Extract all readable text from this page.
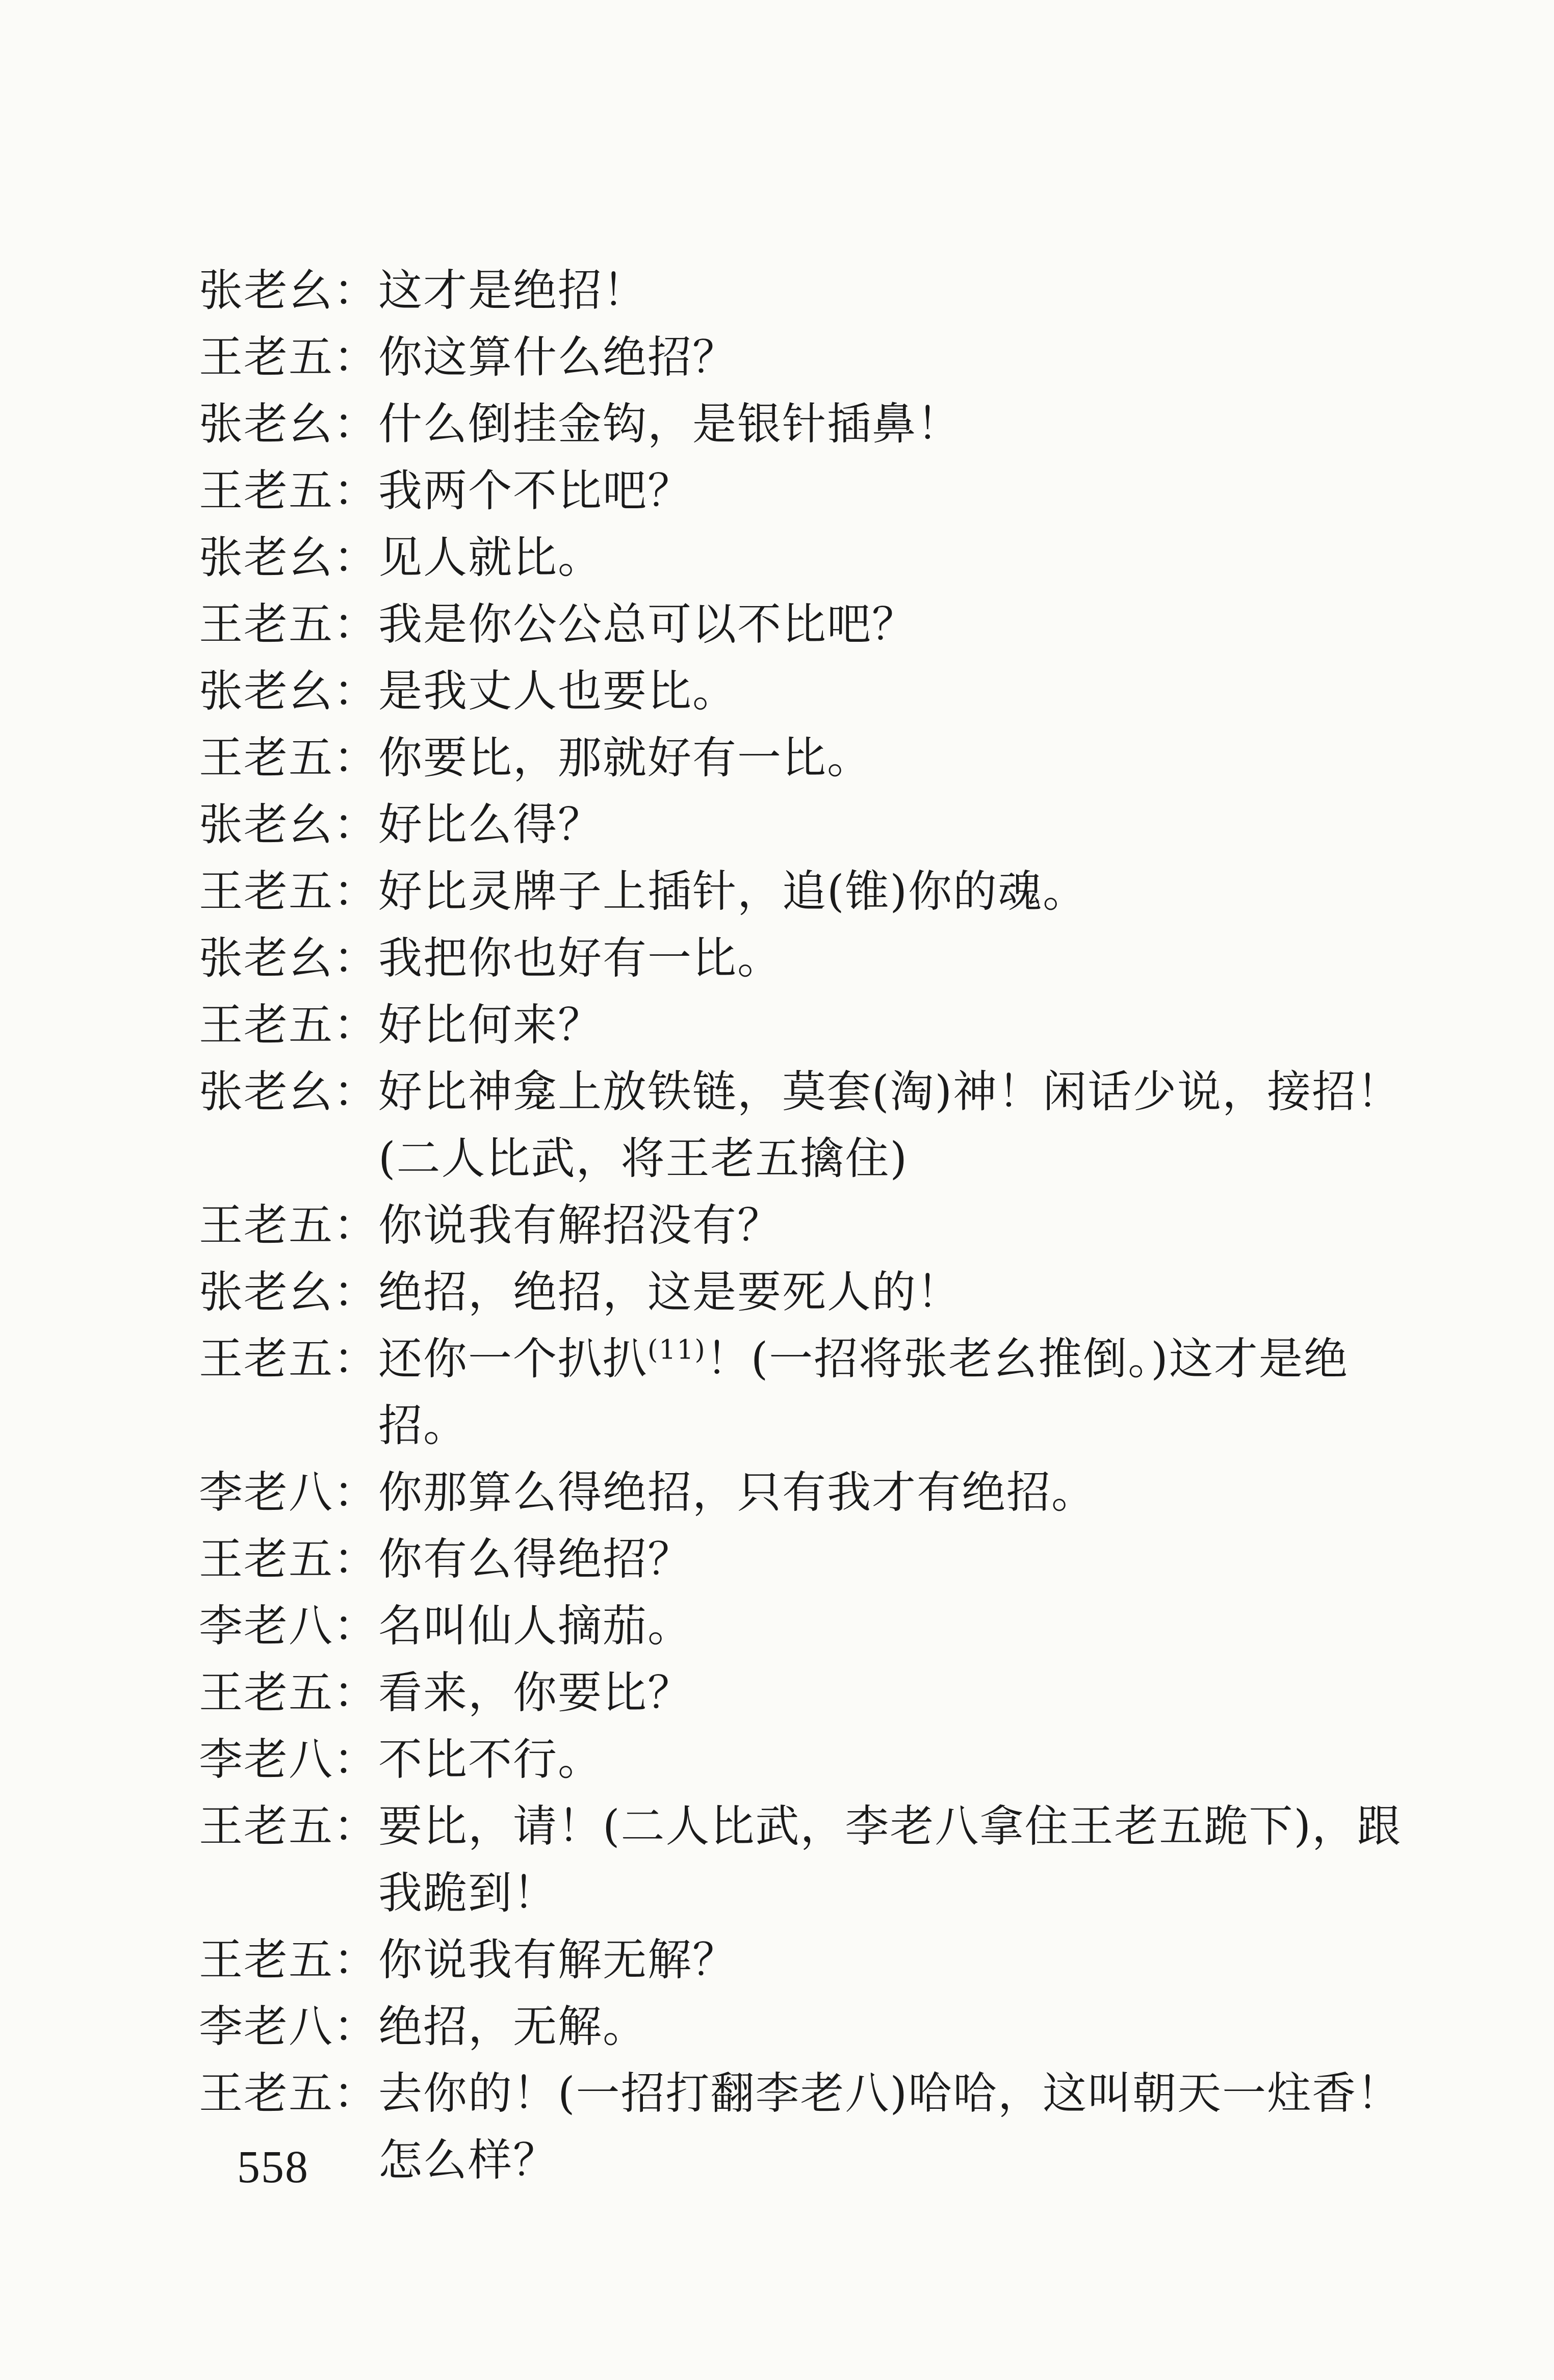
张老幺 ： 这才是绝招！
王老五 ： 你这算什么绝招？
张老幺 ： 什么倒挂金钩，是银针插鼻！
王老五 ： 我两个不比吧？
张老幺 ： 见人就比。
王老五 ： 我是你公公总可以不比吧？
张老幺 ： 是我丈人也要比。
王老五 ： 你要比，那就好有一比。
张老幺 ： 好比么得？
王老五 ： 好比灵牌子上插针，追(锥)你的魂。
张老幺 ： 我把你也好有一比。
王老五 ： 好比何来？
张老幺 ： 好比神龛上放铁链，莫套(淘)神！闲话少说，接招！(二人比武，将王老五擒住)
王老五 ： 你说我有解招没有？
张老幺 ： 绝招，绝招，这是要死人的！
王老五 ： 还你一个扒扒$^{(11)}$！(一招将张老幺推倒。)这才是绝招。
李老八 ： 你那算么得绝招，只有我才有绝招。
王老五 ： 你有么得绝招？
李老八 ： 名叫仙人摘茄。
王老五 ： 看来，你要比？
李老八 ： 不比不行。
王老五 ： 要比，请！(二人比武，李老八拿住王老五跪下)，跟我跪到！
王老五 ： 你说我有解无解？
李老八 ： 绝招，无解。
王老五 ： 去你的！(一招打翻李老八)哈哈，这叫朝天一炷香！怎么样？
558
